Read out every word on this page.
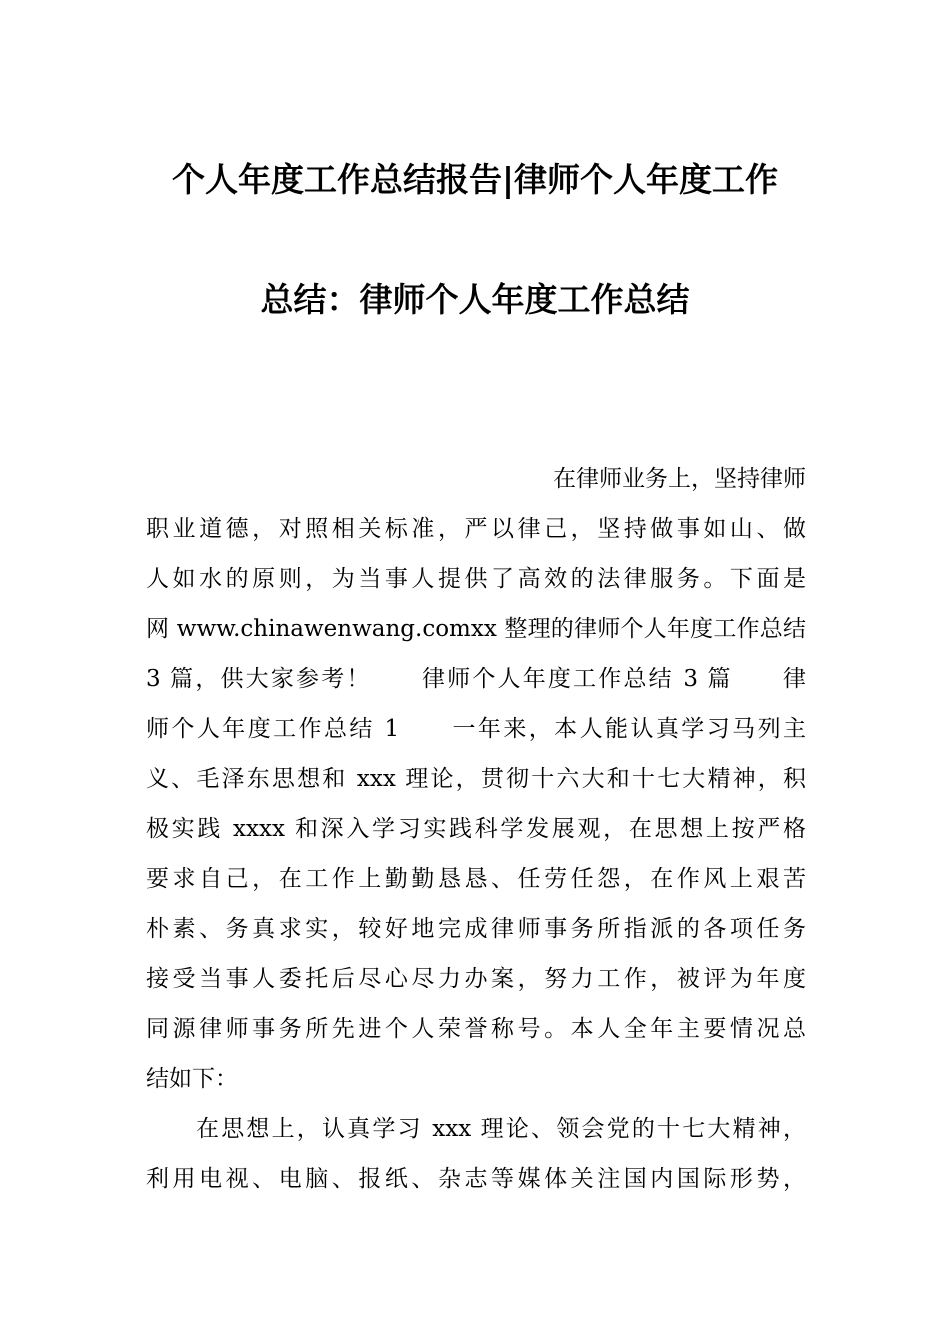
个人年度工作总结报告|律师个人年度工作
总结：律师个人年度工作总结
在律师业务上，坚持律师
职业道德，对照相关标准，严以律己，坚持做事如山、做
人如水的原则，为当事人提供了高效的法律服务。下面是
网 www.chinawenwang.comxx 整理的律师个人年度工作总结
3 篇，供大家参考！　　律师个人年度工作总结 3 篇　　律
师个人年度工作总结 1　　一年来，本人能认真学习马列主
义、毛泽东思想和 xxx 理论，贯彻十六大和十七大精神，积
极实践 xxxx 和深入学习实践科学发展观，在思想上按严格
要求自己，在工作上勤勤恳恳、任劳任怨，在作风上艰苦
朴素、务真求实，较好地完成律师事务所指派的各项任务
接受当事人委托后尽心尽力办案，努力工作，被评为年度
同源律师事务所先进个人荣誉称号。本人全年主要情况总
结如下：
在思想上，认真学习 xxx 理论、领会党的十七大精神，
利用电视、电脑、报纸、杂志等媒体关注国内国际形势，
